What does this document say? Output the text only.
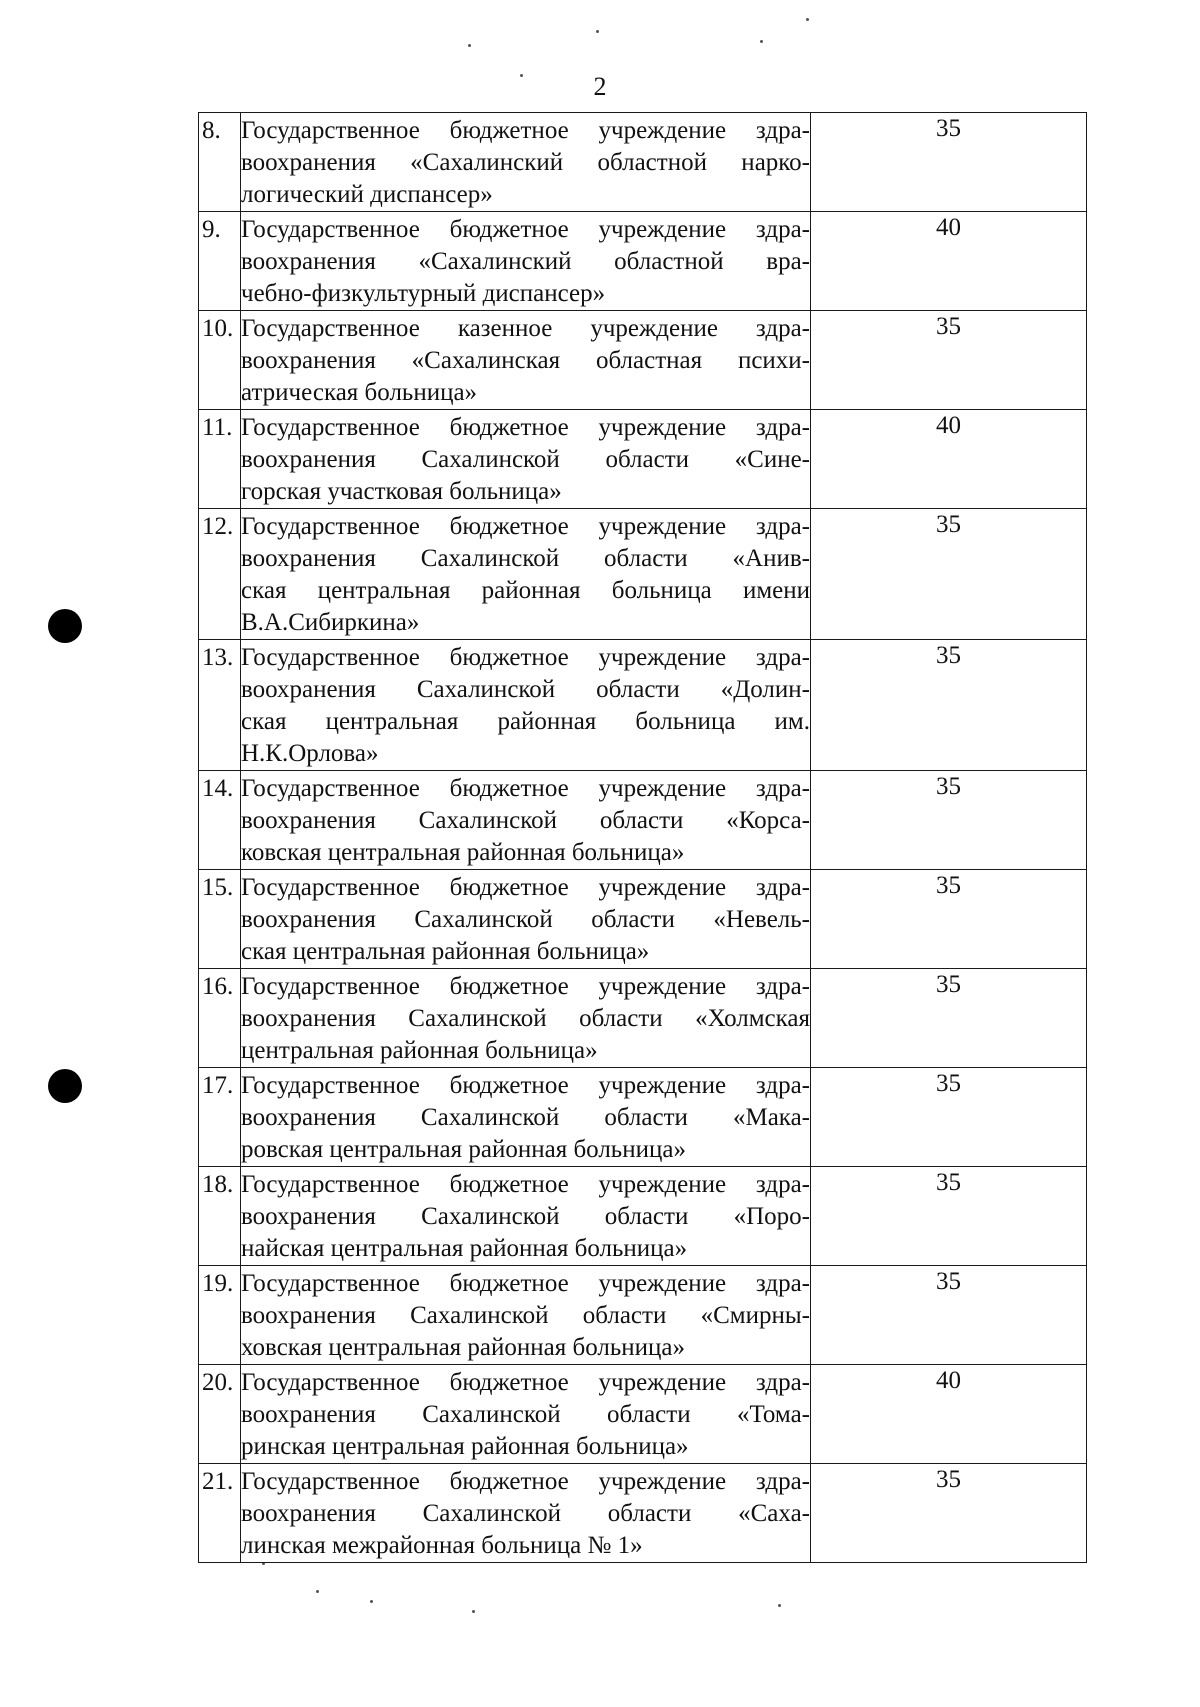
2
8.	Государственное бюджетное учреждение здра-
воохранения «Сахалинский областной нарко-
логический диспансер»	35
9.	Государственное бюджетное учреждение здра-
воохранения «Сахалинский областной вра-
чебно-физкультурный диспансер»	40
10.	Государственное казенное учреждение здра-
воохранения «Сахалинская областная психи-
атрическая больница»	35
11.	Государственное бюджетное учреждение здра-
воохранения Сахалинской области «Сине-
горская участковая больница»	40
12.	Государственное бюджетное учреждение здра-
воохранения Сахалинской области «Анив-
ская центральная районная больница имени
В.А.Сибиркина»	35
13.	Государственное бюджетное учреждение здра-
воохранения Сахалинской области «Долин-
ская центральная районная больница им.
Н.К.Орлова»	35
14.	Государственное бюджетное учреждение здра-
воохранения Сахалинской области «Корса-
ковская центральная районная больница»	35
15.	Государственное бюджетное учреждение здра-
воохранения Сахалинской области «Невель-
ская центральная районная больница»	35
16.	Государственное бюджетное учреждение здра-
воохранения Сахалинской области «Холмская
центральная районная больница»	35
17.	Государственное бюджетное учреждение здра-
воохранения Сахалинской области «Мака-
ровская центральная районная больница»	35
18.	Государственное бюджетное учреждение здра-
воохранения Сахалинской области «Поро-
найская центральная районная больница»	35
19.	Государственное бюджетное учреждение здра-
воохранения Сахалинской области «Смирны-
ховская центральная районная больница»	35
20.	Государственное бюджетное учреждение здра-
воохранения Сахалинской области «Тома-
ринская центральная районная больница»	40
21.	Государственное бюджетное учреждение здра-
воохранения Сахалинской области «Саха-
линская межрайонная больница № 1»	35
